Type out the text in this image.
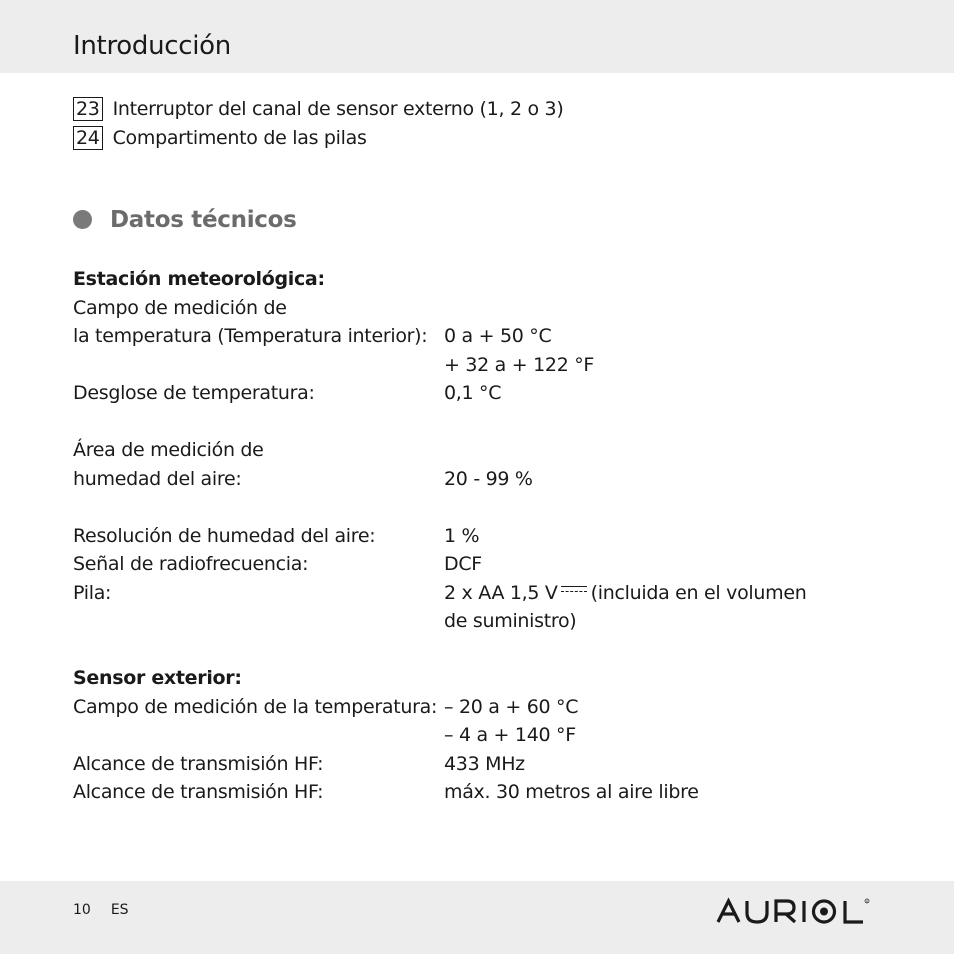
Introducción
23 Interruptor del canal de sensor externo (1, 2 o 3)
24 Compartimento de las pilas
Datos técnicos
Estación meteorológica:
Campo de medición de
la temperatura (Temperatura interior): 0 a + 50 °C
+ 32 a + 122 °F
Desglose de temperatura:	0,1 °C
Área de medición de
humedad del aire:	20 - 99 %
Resolución de humedad del aire:	1 %
Señal de radiofrecuencia:	DCF
Pila:	2 x AA 1,5 V (incluida en el volumen
de suministro)
Sensor exterior:
Campo de medición de la temperatura: – 20 a + 60 °C
– 4 a + 140 °F
Alcance de transmisión HF:	433 MHz
Alcance de transmisión HF:	máx. 30 metros al aire libre
10 ES
R
